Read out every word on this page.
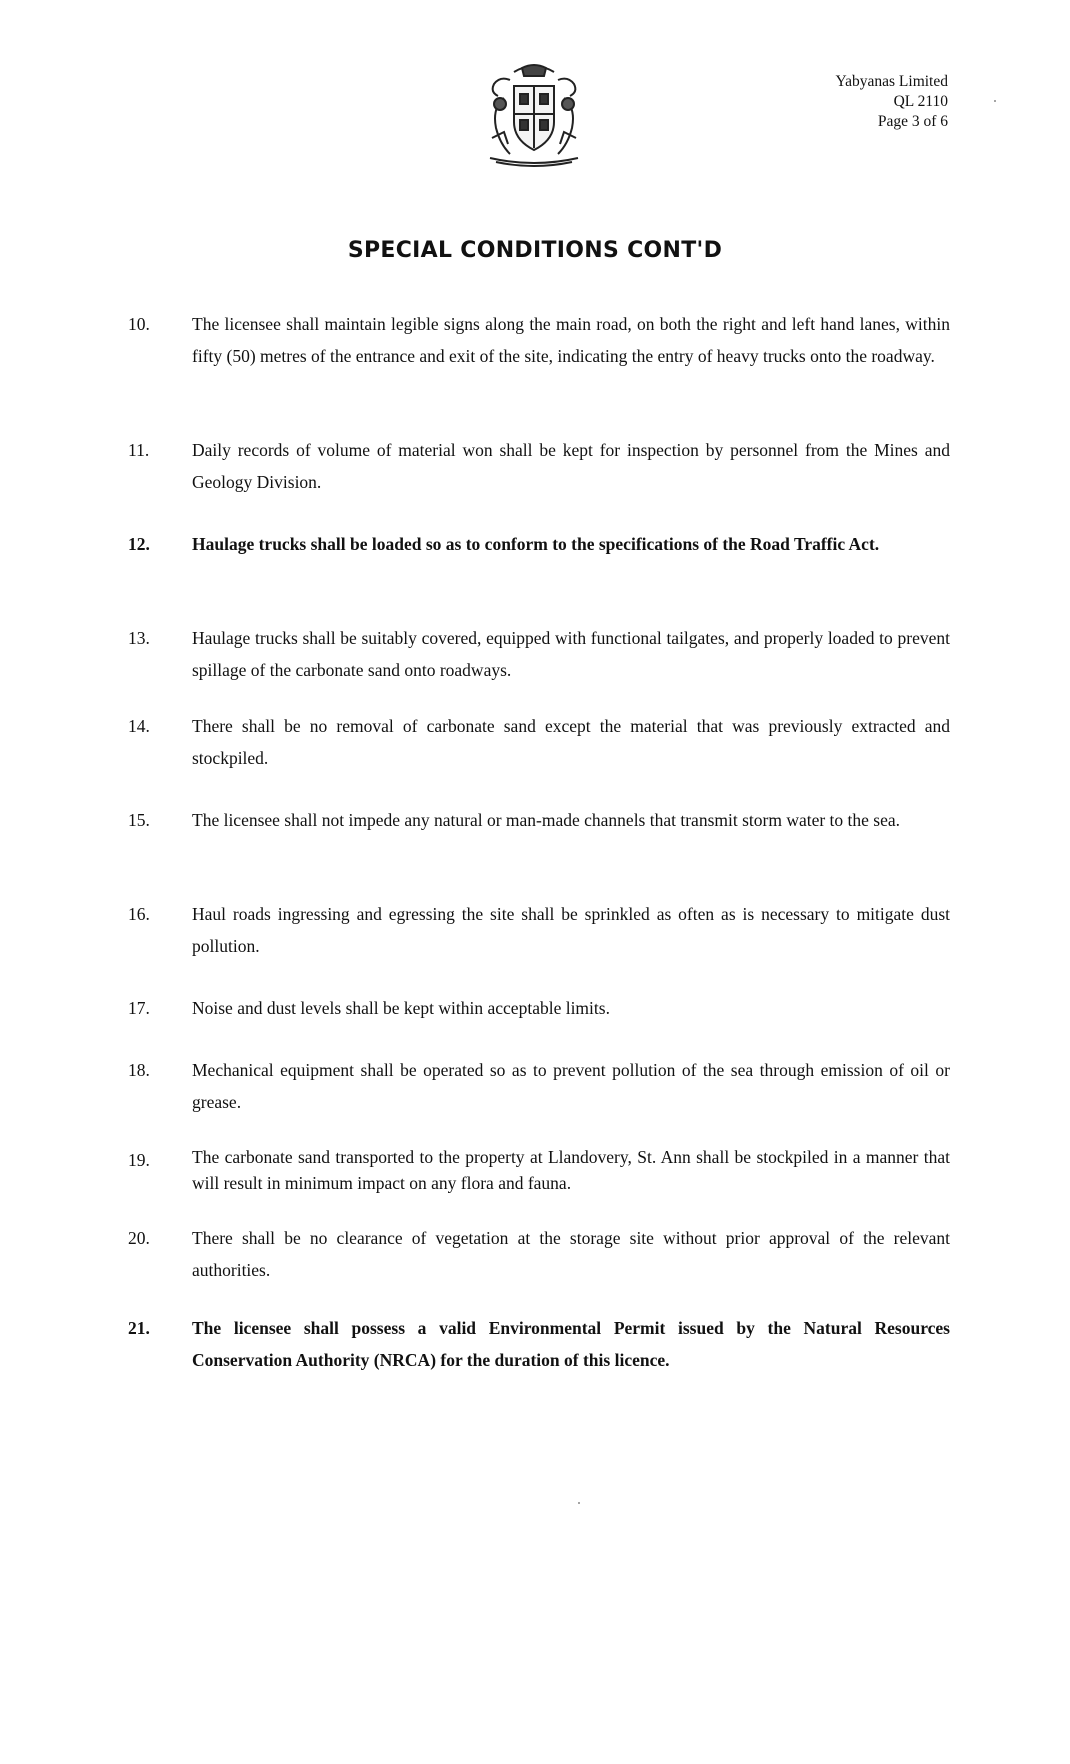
Yabyanas Limited
QL 2110
Page 3 of 6
SPECIAL CONDITIONS CONT'D
10.	The licensee shall maintain legible signs along the main road, on both the right and left hand lanes, within fifty (50) metres of the entrance and exit of the site, indicating the entry of heavy trucks onto the roadway.
11.	Daily records of volume of material won shall be kept for inspection by personnel from the Mines and Geology Division.
12.	Haulage trucks shall be loaded so as to conform to the specifications of the Road Traffic Act.
13.	Haulage trucks shall be suitably covered, equipped with functional tailgates, and properly loaded to prevent spillage of the carbonate sand onto roadways.
14.	There shall be no removal of carbonate sand except the material that was previously extracted and stockpiled.
15.	The licensee shall not impede any natural or man-made channels that transmit storm water to the sea.
16.	Haul roads ingressing and egressing the site shall be sprinkled as often as is necessary to mitigate dust pollution.
17.	Noise and dust levels shall be kept within acceptable limits.
18.	Mechanical equipment shall be operated so as to prevent pollution of the sea through emission of oil or grease.
19.	The carbonate sand transported to the property at Llandovery, St. Ann shall be stockpiled in a manner that will result in minimum impact on any flora and fauna.
20.	There shall be no clearance of vegetation at the storage site without prior approval of the relevant authorities.
21.	The licensee shall possess a valid Environmental Permit issued by the Natural Resources Conservation Authority (NRCA) for the duration of this licence.
